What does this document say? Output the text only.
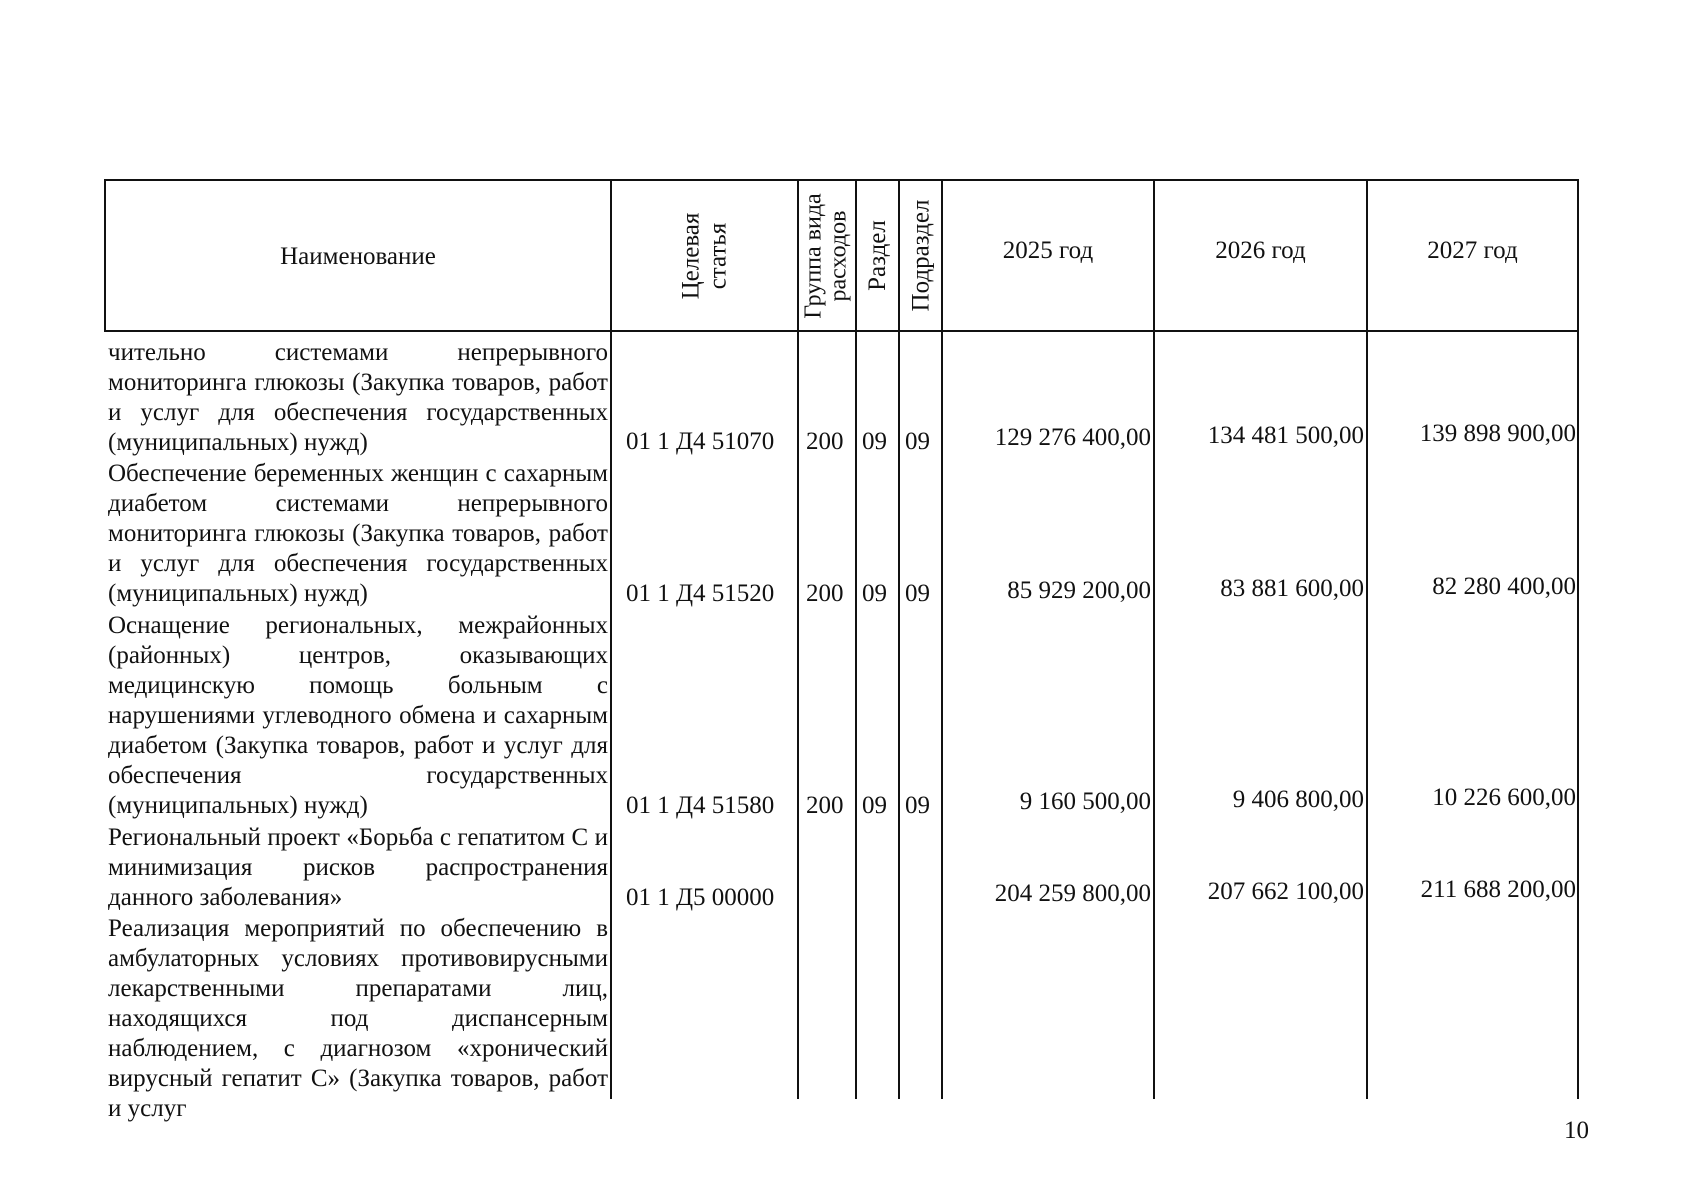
Наименование	Целевая статья	Группа вида расходов Раздел Подраздел	2025 год	2026 год	2027 год
чительно системами непрерывного мониторинга глюкозы (Закупка товаров, работ и услуг для обеспечения государственных (муниципальных) нужд)	01 1 Д4 51070 200 09 09	129 276 400,00	134 481 500,00	139 898 900,00
Обеспечение беременных женщин с сахарным диабетом системами непрерывного мониторинга глюкозы (Закупка товаров, работ и услуг для обеспечения государственных (муниципальных) нужд)	01 1 Д4 51520 200 09 09	85 929 200,00	83 881 600,00	82 280 400,00
Оснащение региональных, межрайонных (районных) центров, оказывающих медицинскую помощь больным с нарушениями углеводного обмена и сахарным диабетом (Закупка товаров, работ и услуг для обеспечения государственных (муниципальных) нужд)	01 1 Д4 51580 200 09 09	9 160 500,00	9 406 800,00	10 226 600,00
Региональный проект «Борьба с гепатитом С и минимизация рисков распространения данного заболевания»	01 1 Д5 00000	204 259 800,00	207 662 100,00	211 688 200,00
Реализация мероприятий по обеспечению в амбулаторных условиях противовирусными лекарственными препаратами лиц, находящихся под диспансерным наблюдением, с диагнозом «хронический вирусный гепатит С» (Закупка товаров, работ и услуг
10
